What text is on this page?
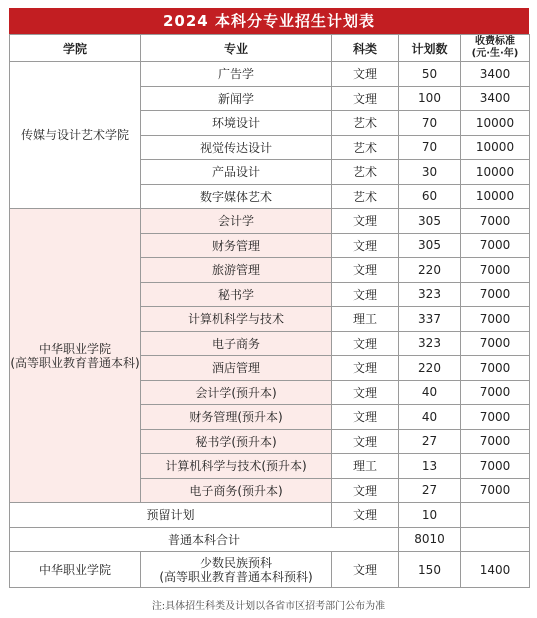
2024 本科分专业招生计划表
学院	专业	科类	计划数	收费标准
(元·生·年)

传媒与设计艺术学院	广告学	文理	50	3400
	新闻学	文理	100	3400
	环境设计	艺术	70	10000
	视觉传达设计	艺术	70	10000
	产品设计	艺术	30	10000
	数字媒体艺术	艺术	60	10000

中华职业学院
(高等职业教育普通本科)	会计学	文理	305	7000
	财务管理	文理	305	7000
	旅游管理	文理	220	7000
	秘书学	文理	323	7000
	计算机科学与技术	理工	337	7000
	电子商务	文理	323	7000
	酒店管理	文理	220	7000
	会计学(预升本)	文理	40	7000
	财务管理(预升本)	文理	40	7000
	秘书学(预升本)	文理	27	7000
	计算机科学与技术(预升本)	理工	13	7000
	电子商务(预升本)	文理	27	7000
预留计划		文理	10	
普通本科合计			8010	
中华职业学院	少数民族预科
(高等职业教育普通本科预科)	文理	150	1400
注:具体招生科类及计划以各省市区招考部门公布为准
